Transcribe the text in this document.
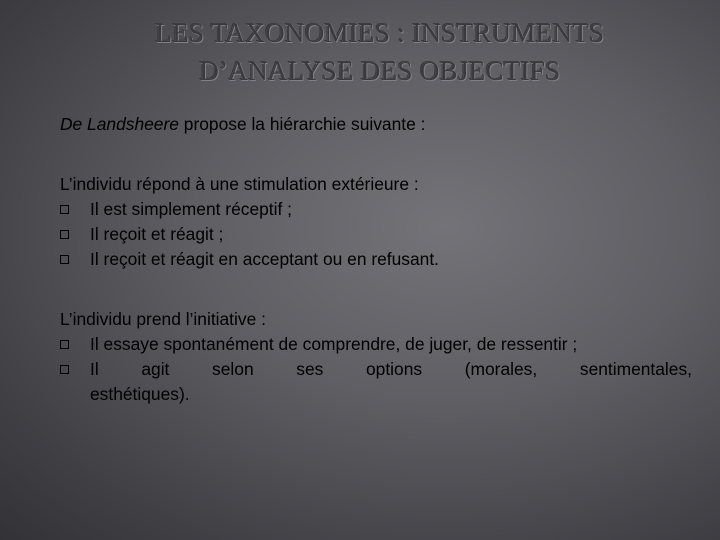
LES TAXONOMIES : INSTRUMENTS
D’ANALYSE DES OBJECTIFS

De Landsheere propose la hiérarchie suivante :

L’individu répond à une stimulation extérieure :

Il est simplement réceptif ;
Il reçoit et réagit ;
Il reçoit et réagit en acceptant ou en refusant.

L’individu prend l’initiative :

Il essaye spontanément de comprendre, de juger, de ressentir ;
Il agit selon ses options (morales, sentimentales,
esthétiques).
